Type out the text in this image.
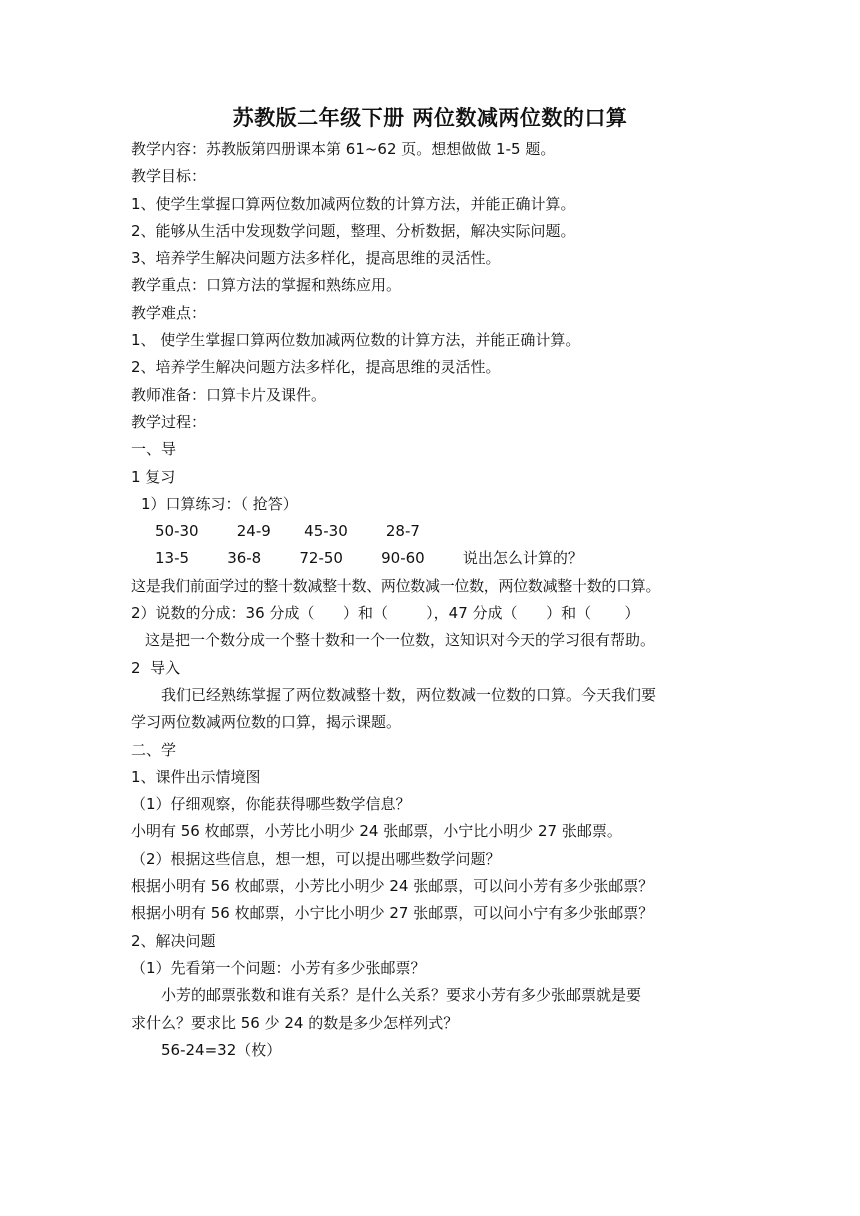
苏教版二年级下册 两位数减两位数的口算
教学内容：苏教版第四册课本第 61~62 页。想想做做 1-5 题。
教学目标：
1、使学生掌握口算两位数加减两位数的计算方法，并能正确计算。
2、能够从生活中发现数学问题，整理、分析数据，解决实际问题。
3、培养学生解决问题方法多样化，提高思维的灵活性。
教学重点：口算方法的掌握和熟练应用。
教学难点：
1、 使学生掌握口算两位数加减两位数的计算方法，并能正确计算。
2、培养学生解决问题方法多样化，提高思维的灵活性。
教师准备：口算卡片及课件。
教学过程：
一、导
1 复习
1）口算练习：（ 抢答）
50-30        24-9       45-30        28-7
13-5        36-8        72-50        90-60        说出怎么计算的？
这是我们前面学过的整十数减整十数、两位数减一位数，两位数减整十数的口算。
2）说数的分成：36 分成（      ）和（        ），47 分成（      ）和（       ）
这是把一个数分成一个整十数和一个一位数，这知识对今天的学习很有帮助。
2  导入
我们已经熟练掌握了两位数减整十数，两位数减一位数的口算。今天我们要
学习两位数减两位数的口算，揭示课题。
二、学
1、课件出示情境图
（1）仔细观察，你能获得哪些数学信息？
小明有 56 枚邮票，小芳比小明少 24 张邮票，小宁比小明少 27 张邮票。
（2）根据这些信息，想一想，可以提出哪些数学问题？
根据小明有 56 枚邮票，小芳比小明少 24 张邮票，可以问小芳有多少张邮票？
根据小明有 56 枚邮票，小宁比小明少 27 张邮票，可以问小宁有多少张邮票？
2、解决问题
（1）先看第一个问题：小芳有多少张邮票？
小芳的邮票张数和谁有关系？是什么关系？要求小芳有多少张邮票就是要
求什么？要求比 56 少 24 的数是多少怎样列式？
56-24=32（枚）
